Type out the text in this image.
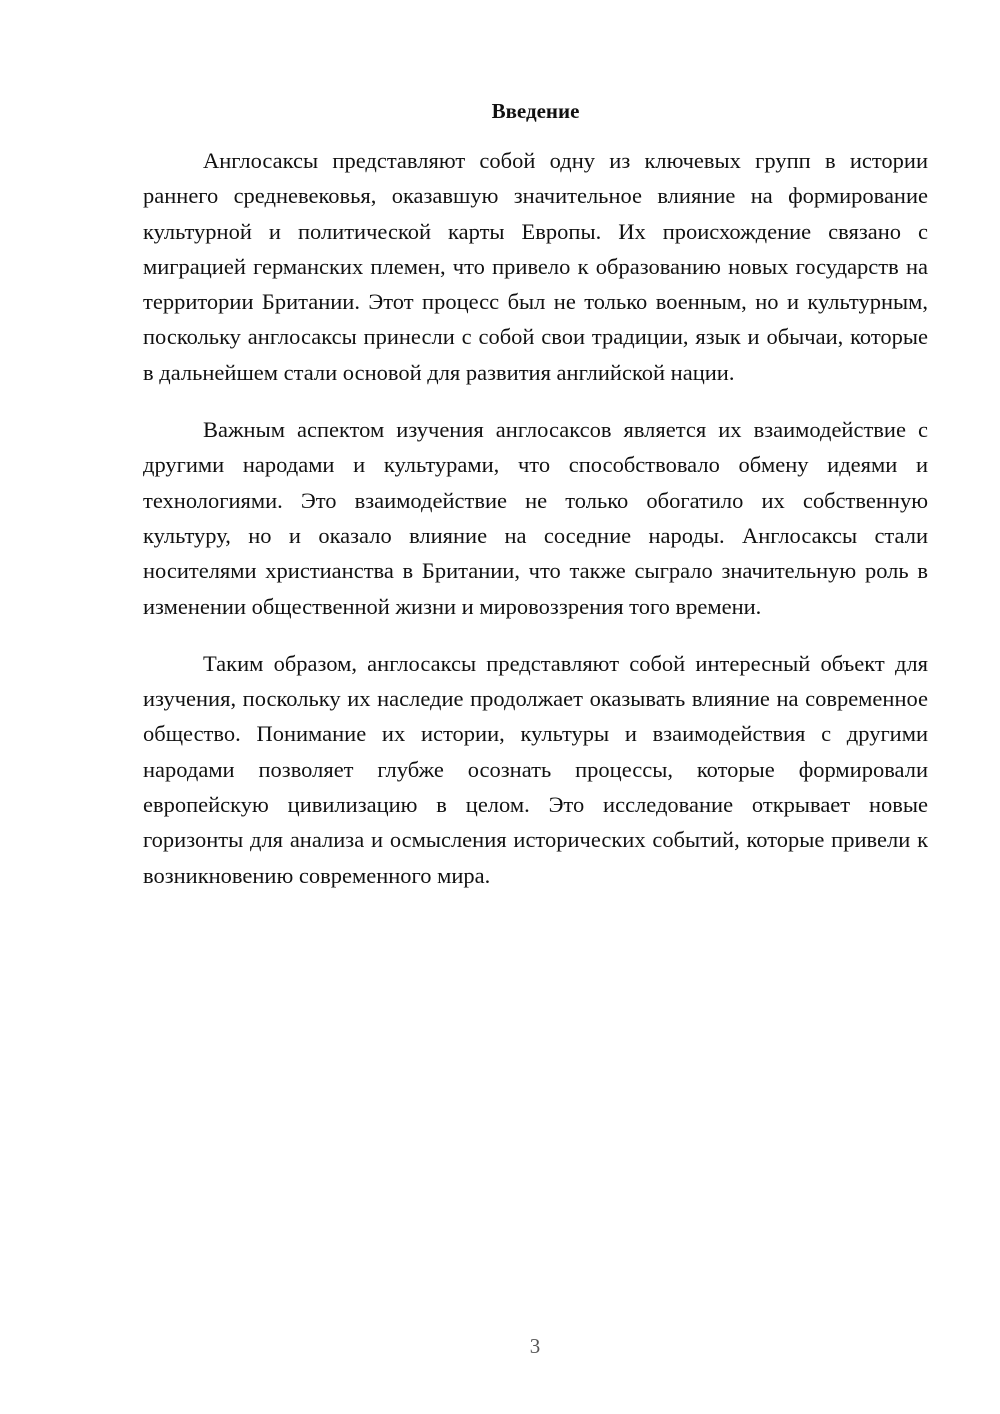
Введение

Англосаксы представляют собой одну из ключевых групп в истории раннего средневековья, оказавшую значительное влияние на формирование культурной и политической карты Европы. Их происхождение связано с миграцией германских племен, что привело к образованию новых государств на территории Британии. Этот процесс был не только военным, но и культурным, поскольку англосаксы принесли с собой свои традиции, язык и обычаи, которые в дальнейшем стали основой для развития английской нации.

Важным аспектом изучения англосаксов является их взаимодействие с другими народами и культурами, что способствовало обмену идеями и технологиями. Это взаимодействие не только обогатило их собственную культуру, но и оказало влияние на соседние народы. Англосаксы стали носителями христианства в Британии, что также сыграло значительную роль в изменении общественной жизни и мировоззрения того времени.

Таким образом, англосаксы представляют собой интересный объект для изучения, поскольку их наследие продолжает оказывать влияние на современное общество. Понимание их истории, культуры и взаимодействия с другими народами позволяет глубже осознать процессы, которые формировали европейскую цивилизацию в целом. Это исследование открывает новые горизонты для анализа и осмысления исторических событий, которые привели к возникновению современного мира.

3
